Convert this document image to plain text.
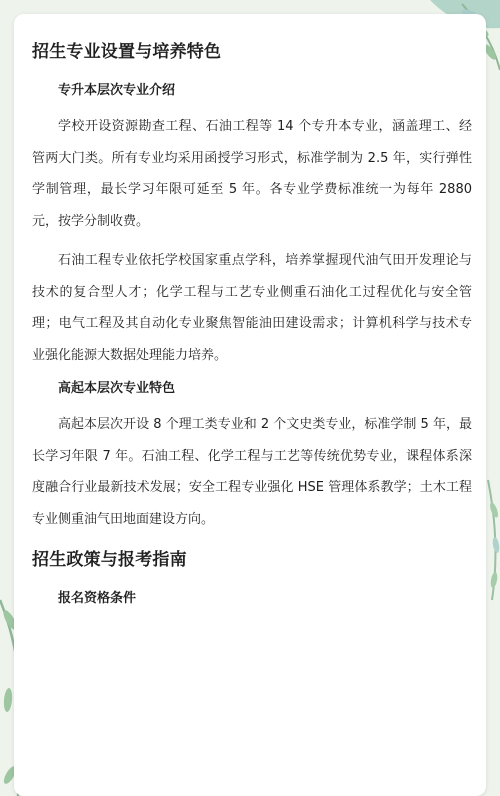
招生专业设置与培养特色
专升本层次专业介绍

学校开设资源勘查工程、石油工程等 14 个专升本专业，涵盖理工、经管两大门类。所有专业均采用函授学习形式，标准学制为 2.5 年，实行弹性学制管理，最长学习年限可延至 5 年。各专业学费标准统一为每年 2880 元，按学分制收费。

石油工程专业依托学校国家重点学科，培养掌握现代油气田开发理论与技术的复合型人才；化学工程与工艺专业侧重石油化工过程优化与安全管理；电气工程及其自动化专业聚焦智能油田建设需求；计算机科学与技术专业强化能源大数据处理能力培养。

高起本层次专业特色

高起本层次开设 8 个理工类专业和 2 个文史类专业，标准学制 5 年，最长学习年限 7 年。石油工程、化学工程与工艺等传统优势专业，课程体系深度融合行业最新技术发展；安全工程专业强化 HSE 管理体系教学；土木工程专业侧重油气田地面建设方向。

招生政策与报考指南
报名资格条件
